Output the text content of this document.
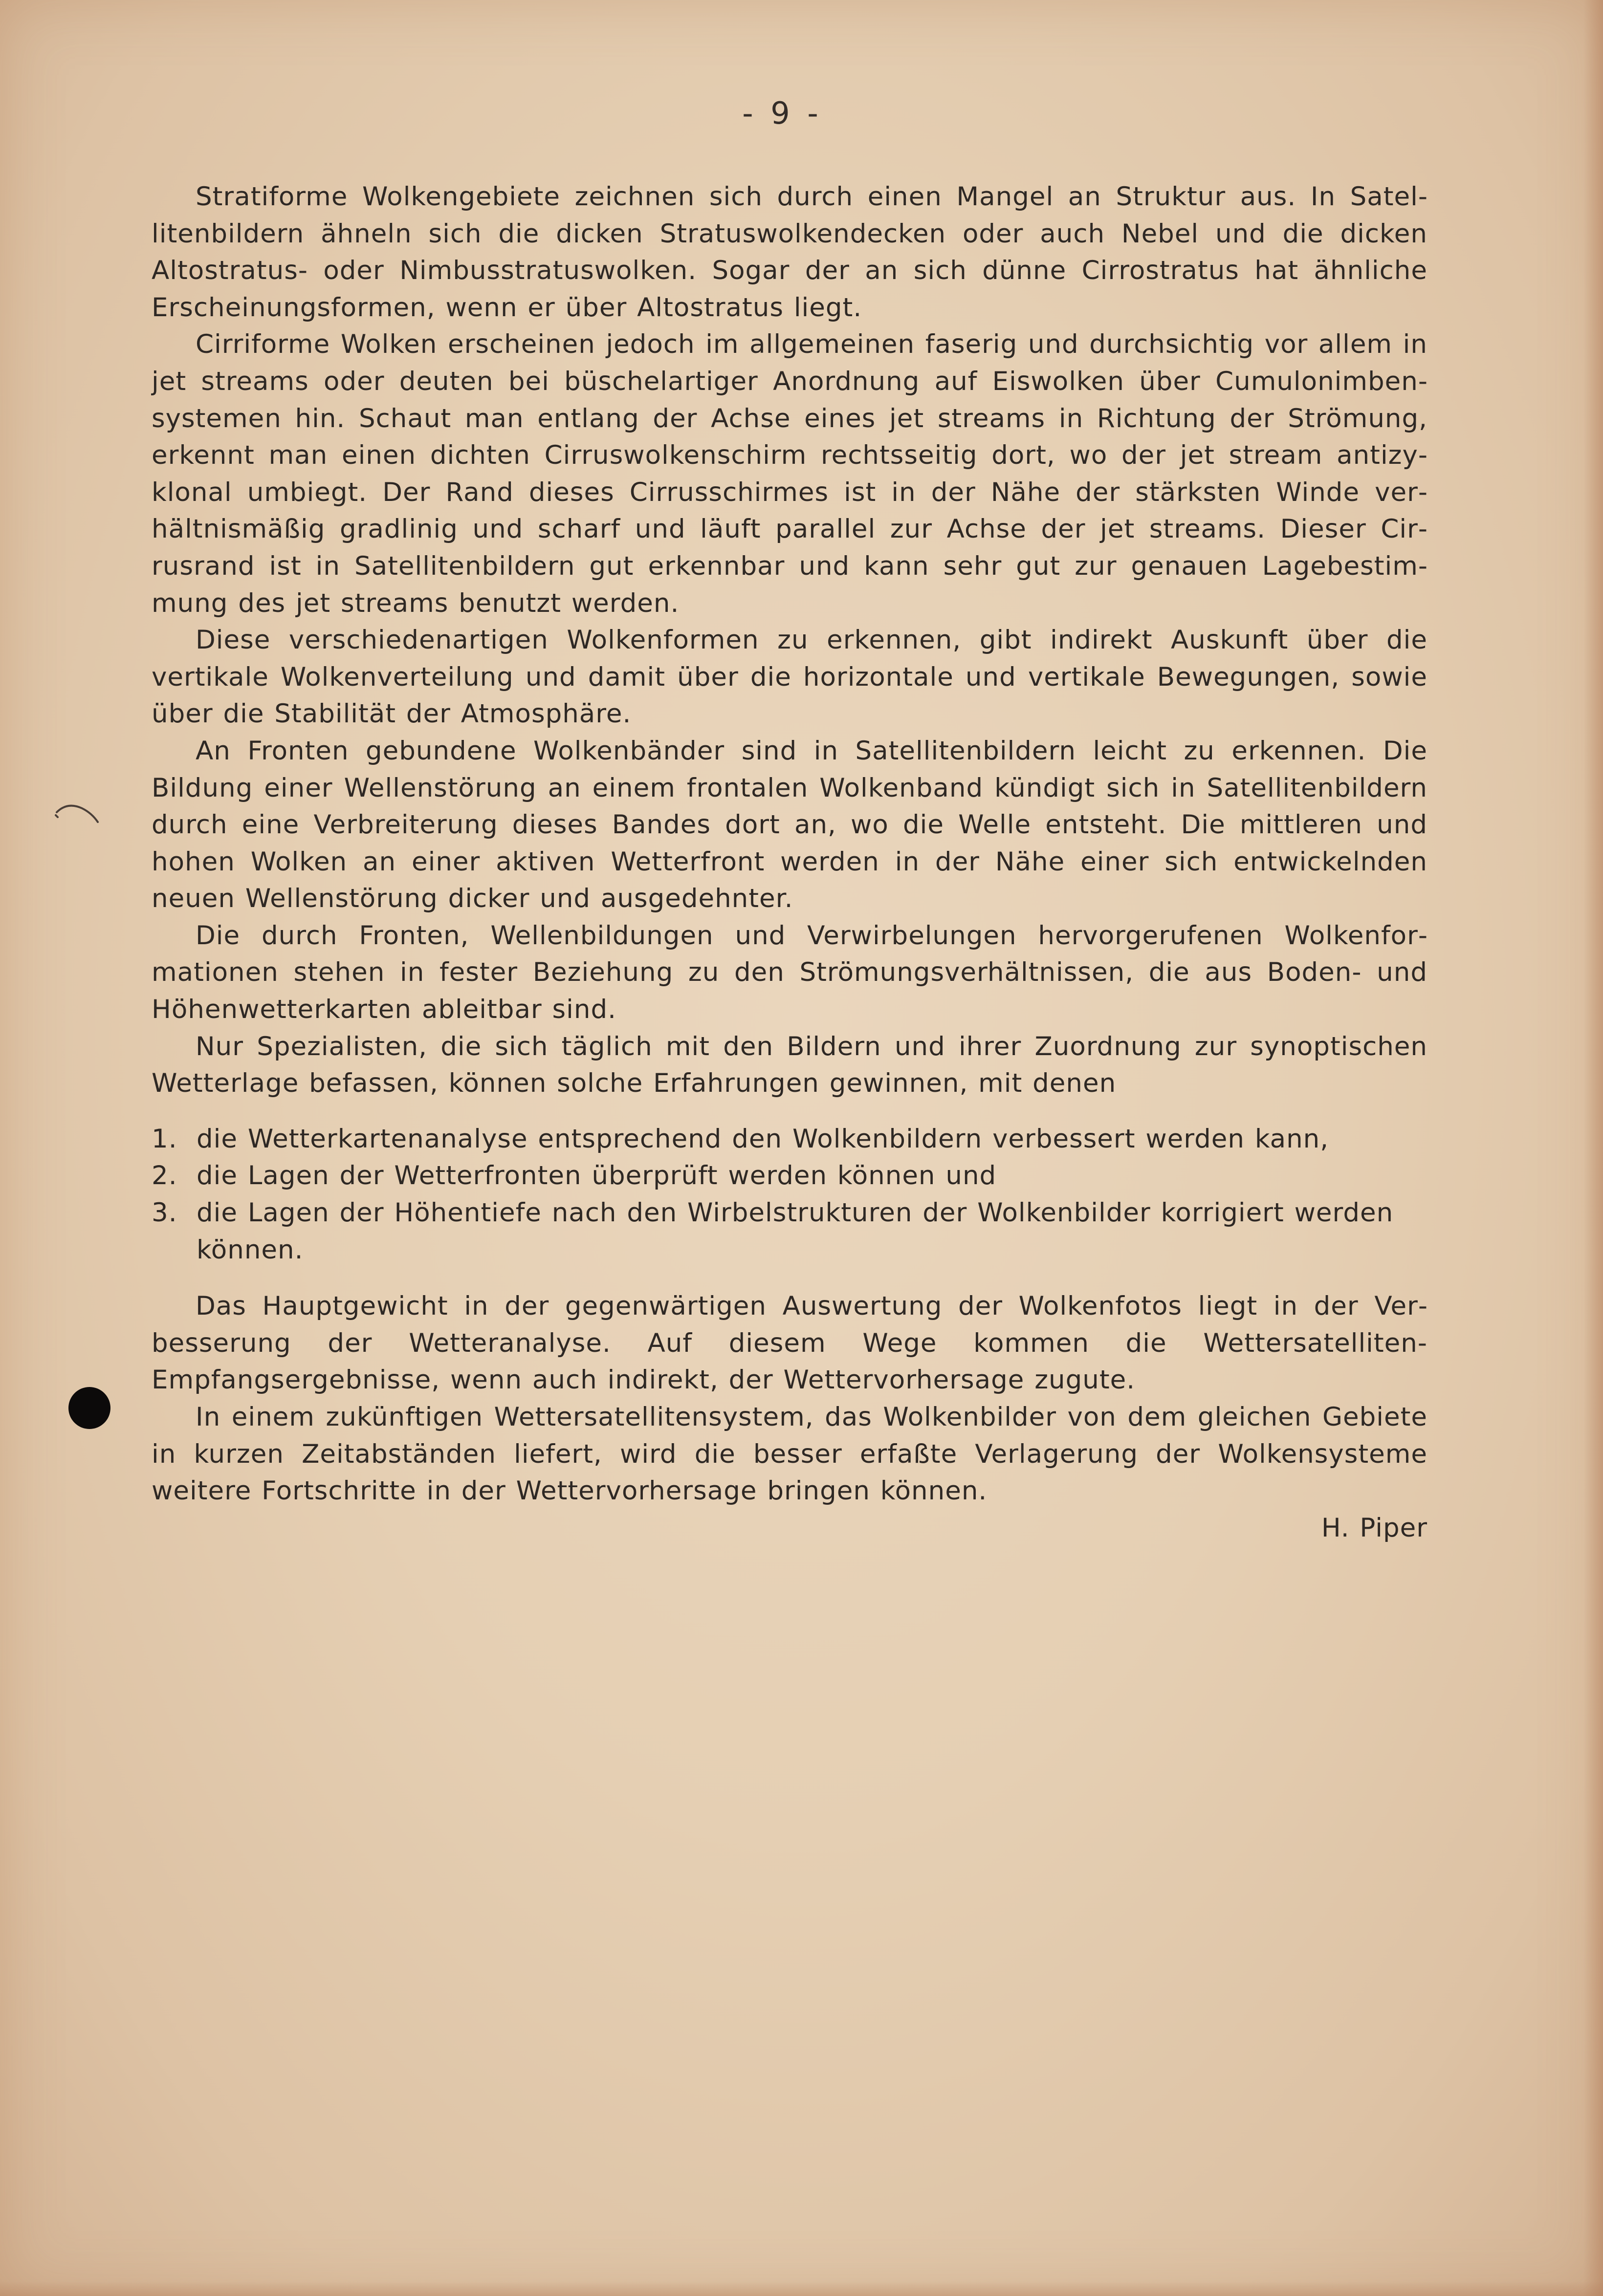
- 9 -

Stratiforme Wolkengebiete zeichnen sich durch einen Mangel an Struktur aus. In Satellitenbildern ähneln sich die dicken Stratuswolkendecken oder auch Nebel und die dicken Altostratus- oder Nimbusstratuswolken. Sogar der an sich dünne Cirrostratus hat ähnliche Erscheinungsformen, wenn er über Altostratus liegt.

Cirriforme Wolken erscheinen jedoch im allgemeinen faserig und durchsichtig vor allem in jet streams oder deuten bei büschelartiger Anordnung auf Eiswolken über Cumulonimbensystemen hin. Schaut man entlang der Achse eines jet streams in Richtung der Strömung, erkennt man einen dichten Cirruswolkenschirm rechtsseitig dort, wo der jet stream antizyklonal umbiegt. Der Rand dieses Cirrusschirmes ist in der Nähe der stärksten Winde verhältnismäßig gradlinig und scharf und läuft parallel zur Achse der jet streams. Dieser Cirrusrand ist in Satellitenbildern gut erkennbar und kann sehr gut zur genauen Lagebestimmung des jet streams benutzt werden.

Diese verschiedenartigen Wolkenformen zu erkennen, gibt indirekt Auskunft über die vertikale Wolkenverteilung und damit über die horizontale und vertikale Bewegungen, sowie über die Stabilität der Atmosphäre.

An Fronten gebundene Wolkenbänder sind in Satellitenbildern leicht zu erkennen. Die Bildung einer Wellenstörung an einem frontalen Wolkenband kündigt sich in Satellitenbildern durch eine Verbreiterung dieses Bandes dort an, wo die Welle entsteht. Die mittleren und hohen Wolken an einer aktiven Wetterfront werden in der Nähe einer sich entwickelnden neuen Wellenstörung dicker und ausgedehnter.

Die durch Fronten, Wellenbildungen und Verwirbelungen hervorgerufenen Wolkenformationen stehen in fester Beziehung zu den Strömungsverhältnissen, die aus Boden- und Höhenwetterkarten ableitbar sind.

Nur Spezialisten, die sich täglich mit den Bildern und ihrer Zuordnung zur synoptischen Wetterlage befassen, können solche Erfahrungen gewinnen, mit denen

1. die Wetterkartenanalyse entsprechend den Wolkenbildern verbessert werden kann,
2. die Lagen der Wetterfronten überprüft werden können und
3. die Lagen der Höhentiefe nach den Wirbelstrukturen der Wolkenbilder korrigiert werden können.

Das Hauptgewicht in der gegenwärtigen Auswertung der Wolkenfotos liegt in der Verbesserung der Wetteranalyse. Auf diesem Wege kommen die Wettersatelliten-Empfangsergebnisse, wenn auch indirekt, der Wettervorhersage zugute.

In einem zukünftigen Wettersatellitensystem, das Wolkenbilder von dem gleichen Gebiete in kurzen Zeitabständen liefert, wird die besser erfaßte Verlagerung der Wolkensysteme weitere Fortschritte in der Wettervorhersage bringen können.

H. Piper
